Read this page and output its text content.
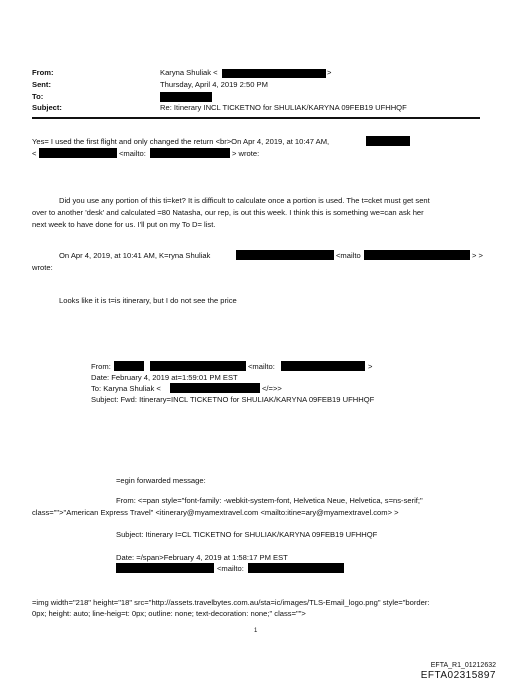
From:	Karyna Shuliak <	>
Sent:	Thursday, April 4, 2019 2:50 PM
To:
Subject:	Re: Itinerary INCL TICKETNO for SHULIAK/KARYNA 09FEB19 UFHHQF
Yes= I used the first flight and only changed the return <br>On Apr 4, 2019, at 10:47 AM,
<	<mailto:	> wrote:
Did you use any portion of this ti=ket? It is difficult to calculate once a portion is used. The t=cket must get sent
over to another 'desk' and calculated =80 Natasha, our rep, is out this week. I think this is something we=can ask her
next week to have done for us. I'll put on my To D= list.
On Apr 4, 2019, at 10:41 AM, K=ryna Shuliak	<mailto	> >
wrote:
Looks like it is t=is itinerary, but I do not see the price
From:	<mailto:	>
Date: February 4, 2019 at=1:59:01 PM EST
To: Karyna Shuliak <	</=>>
Subject: Fwd: Itinerary=INCL TICKETNO for SHULIAK/KARYNA 09FEB19 UFHHQF
=egin forwarded message:
From: <=pan style="font-family: -webkit-system-font, Helvetica Neue, Helvetica, s=ns-serif;"
class="">"American Express Travel" <itinerary@myamextravel.com <mailto:itine=ary@myamextravel.com> >
Subject: Itinerary I=CL TICKETNO for SHULIAK/KARYNA 09FEB19 UFHHQF
Date: =/span>February 4, 2019 at 1:58:17 PM EST
<mailto:
=img width="218" height="18" src="http://assets.travelbytes.com.au/sta=ic/images/TLS-Email_logo.png" style="border:
0px; height: auto; line-heig=t: 0px; outline: none; text-decoration: none;" class="">
1
EFTA_R1_01212632
EFTA02315897
